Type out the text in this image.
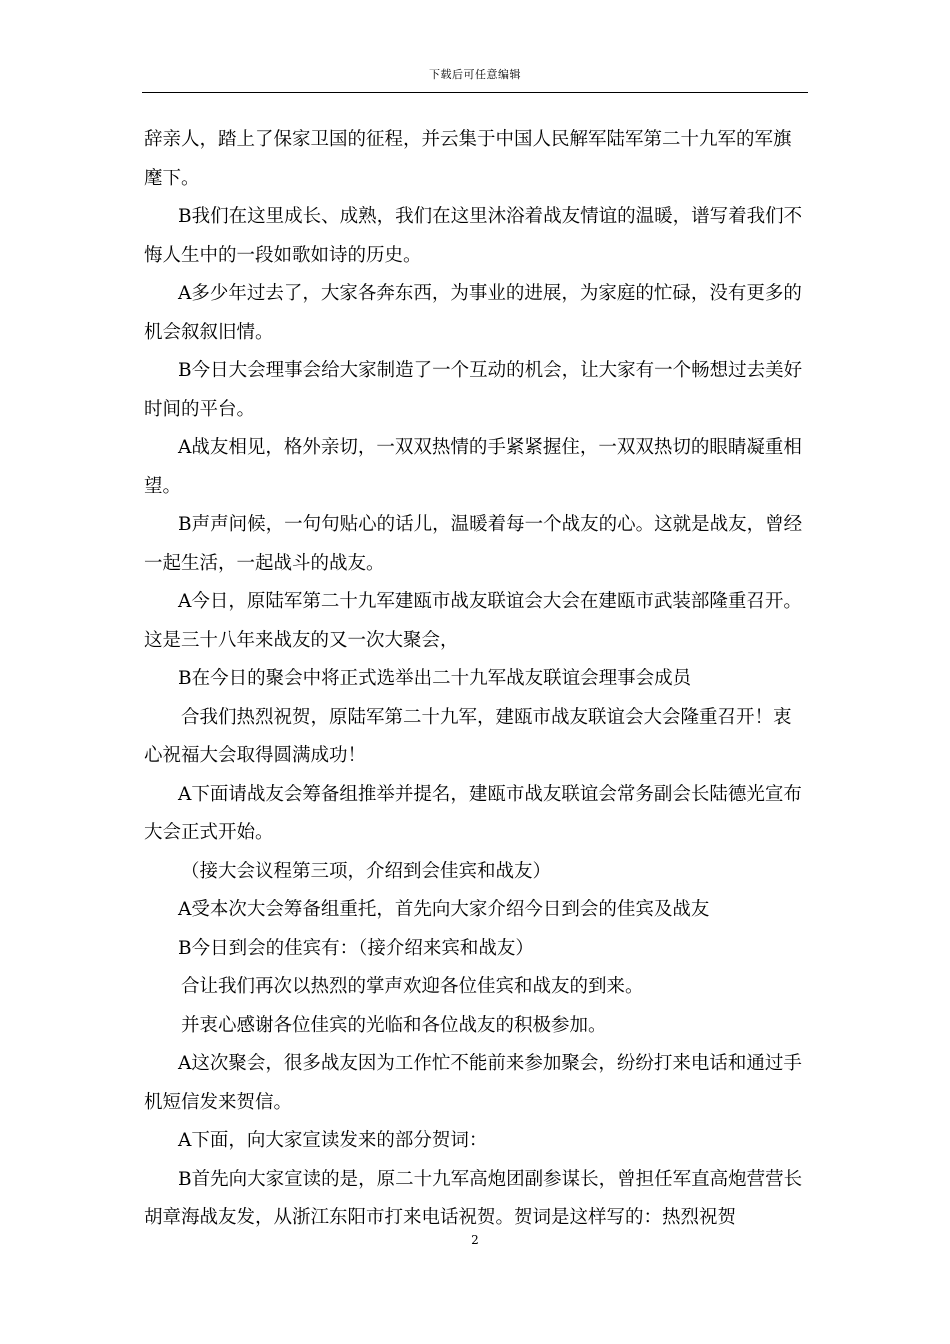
下载后可任意编辑

辞亲人，踏上了保家卫国的征程，并云集于中国人民解军陆军第二十九军的军旗麾下。

B我们在这里成长、成熟，我们在这里沐浴着战友情谊的温暖，谱写着我们不悔人生中的一段如歌如诗的历史。

A多少年过去了，大家各奔东西，为事业的进展，为家庭的忙碌，没有更多的机会叙叙旧情。

B今日大会理事会给大家制造了一个互动的机会，让大家有一个畅想过去美好时间的平台。

A战友相见，格外亲切，一双双热情的手紧紧握住，一双双热切的眼睛凝重相望。

B声声问候，一句句贴心的话儿，温暖着每一个战友的心。这就是战友，曾经一起生活，一起战斗的战友。

A今日，原陆军第二十九军建瓯市战友联谊会大会在建瓯市武装部隆重召开。这是三十八年来战友的又一次大聚会，

B在今日的聚会中将正式选举出二十九军战友联谊会理事会成员

合我们热烈祝贺，原陆军第二十九军，建瓯市战友联谊会大会隆重召开！衷心祝福大会取得圆满成功！

A下面请战友会筹备组推举并提名，建瓯市战友联谊会常务副会长陆德光宣布大会正式开始。

（接大会议程第三项，介绍到会佳宾和战友）

A受本次大会筹备组重托，首先向大家介绍今日到会的佳宾及战友

B今日到会的佳宾有：（接介绍来宾和战友）

合让我们再次以热烈的掌声欢迎各位佳宾和战友的到来。

并衷心感谢各位佳宾的光临和各位战友的积极参加。

A这次聚会，很多战友因为工作忙不能前来参加聚会，纷纷打来电话和通过手机短信发来贺信。

A下面，向大家宣读发来的部分贺词：

B首先向大家宣读的是，原二十九军高炮团副参谋长，曾担任军直高炮营营长胡章海战友发，从浙江东阳市打来电话祝贺。贺词是这样写的：热烈祝贺

2
